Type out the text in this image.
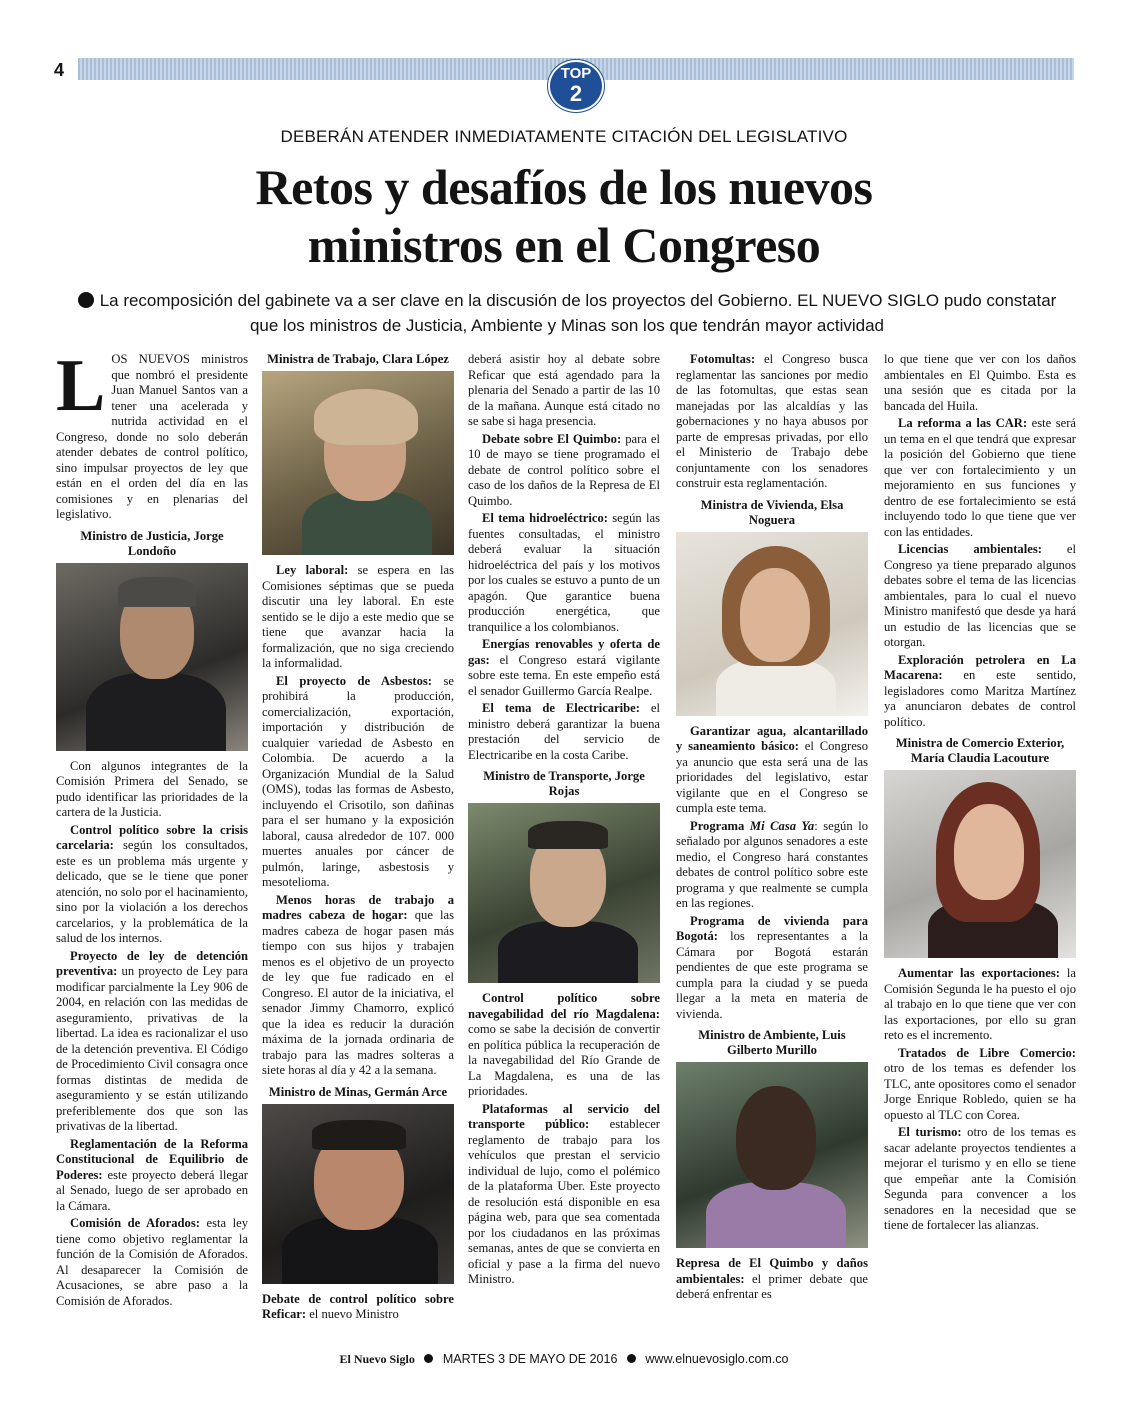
4	TOP
2
DEBERÁN ATENDER INMEDIATAMENTE CITACIÓN DEL LEGISLATIVO
Retos y desafíos de los nuevos
ministros en el Congreso
La recomposición del gabinete va a ser clave en la discusión de los proyectos del Gobierno. EL NUEVO SIGLO pudo constatar que los ministros de Justicia, Ambiente y Minas son los que tendrán mayor actividad

LOS NUEVOS ministros que nombró el presidente Juan Manuel Santos van a tener una acelerada y nutrida actividad en el Congreso, donde no solo deberán atender debates de control político, sino impulsar proyectos de ley que están en el orden del día en las comisiones y en plenarias del legislativo.

Ministro de Justicia, Jorge Londoño

Con algunos integrantes de la Comisión Primera del Senado, se pudo identificar las prioridades de la cartera de la Justicia.

Control político sobre la crisis carcelaria: según los consultados, este es un problema más urgente y delicado, que se le tiene que poner atención, no solo por el hacinamiento, sino por la violación a los derechos carcelarios, y la problemática de la salud de los internos.

Proyecto de ley de detención preventiva: un proyecto de Ley para modificar parcialmente la Ley 906 de 2004, en relación con las medidas de aseguramiento, privativas de la libertad. La idea es racionalizar el uso de la detención preventiva. El Código de Procedimiento Civil consagra once formas distintas de medida de aseguramiento y se están utilizando preferiblemente dos que son las privativas de la libertad.

Reglamentación de la Reforma Constitucional de Equilibrio de Poderes: este proyecto deberá llegar al Senado, luego de ser aprobado en la Cámara.

Comisión de Aforados: esta ley tiene como objetivo reglamentar la función de la Comisión de Aforados. Al desaparecer la Comisión de Acusaciones, se abre paso a la Comisión de Aforados.

Ministra de Trabajo, Clara López

Ley laboral: se espera en las Comisiones séptimas que se pueda discutir una ley laboral. En este sentido se le dijo a este medio que se tiene que avanzar hacia la formalización, que no siga creciendo la informalidad.

El proyecto de Asbestos: se prohibirá la producción, comercialización, exportación, importación y distribución de cualquier variedad de Asbesto en Colombia. De acuerdo a la Organización Mundial de la Salud (OMS), todas las formas de Asbesto, incluyendo el Crisotilo, son dañinas para el ser humano y la exposición laboral, causa alrededor de 107. 000 muertes anuales por cáncer de pulmón, laringe, asbestosis y mesotelioma.

Menos horas de trabajo a madres cabeza de hogar: que las madres cabeza de hogar pasen más tiempo con sus hijos y trabajen menos es el objetivo de un proyecto de ley que fue radicado en el Congreso. El autor de la iniciativa, el senador Jimmy Chamorro, explicó que la idea es reducir la duración máxima de la jornada ordinaria de trabajo para las madres solteras a siete horas al día y 42 a la semana.

Ministro de Minas, Germán Arce

Debate de control político sobre Reficar: el nuevo Ministro

deberá asistir hoy al debate sobre Reficar que está agendado para la plenaria del Senado a partir de las 10 de la mañana. Aunque está citado no se sabe si haga presencia.

Debate sobre El Quimbo: para el 10 de mayo se tiene programado el debate de control político sobre el caso de los daños de la Represa de El Quimbo.

El tema hidroeléctrico: según las fuentes consultadas, el ministro deberá evaluar la situación hidroeléctrica del país y los motivos por los cuales se estuvo a punto de un apagón. Que garantice buena producción energética, que tranquilice a los colombianos.

Energías renovables y oferta de gas: el Congreso estará vigilante sobre este tema. En este empeño está el senador Guillermo García Realpe.

El tema de Electricaribe: el ministro deberá garantizar la buena prestación del servicio de Electricaribe en la costa Caribe.

Ministro de Transporte, Jorge Rojas

Control político sobre navegabilidad del río Magdalena: como se sabe la decisión de convertir en política pública la recuperación de la navegabilidad del Río Grande de La Magdalena, es una de las prioridades.

Plataformas al servicio del transporte público: establecer reglamento de trabajo para los vehículos que prestan el servicio individual de lujo, como el polémico de la plataforma Uber. Este proyecto de resolución está disponible en esa página web, para que sea comentada por los ciudadanos en las próximas semanas, antes de que se convierta en oficial y pase a la firma del nuevo Ministro.

Fotomultas: el Congreso busca reglamentar las sanciones por medio de las fotomultas, que estas sean manejadas por las alcaldías y las gobernaciones y no haya abusos por parte de empresas privadas, por ello el Ministerio de Trabajo debe conjuntamente con los senadores construir esta reglamentación.

Ministra de Vivienda, Elsa Noguera

Garantizar agua, alcantarillado y saneamiento básico: el Congreso ya anuncio que esta será una de las prioridades del legislativo, estar vigilante que en el Congreso se cumpla este tema.

Programa Mi Casa Ya: según lo señalado por algunos senadores a este medio, el Congreso hará constantes debates de control político sobre este programa y que realmente se cumpla en las regiones.

Programa de vivienda para Bogotá: los representantes a la Cámara por Bogotá estarán pendientes de que este programa se cumpla para la ciudad y se pueda llegar a la meta en materia de vivienda.

Ministro de Ambiente, Luis Gilberto Murillo

Represa de El Quimbo y daños ambientales: el primer debate que deberá enfrentar es

lo que tiene que ver con los daños ambientales en El Quimbo. Esta es una sesión que es citada por la bancada del Huila.

La reforma a las CAR: este será un tema en el que tendrá que expresar la posición del Gobierno que tiene que ver con fortalecimiento y un mejoramiento en sus funciones y dentro de ese fortalecimiento se está incluyendo todo lo que tiene que ver con las entidades.

Licencias ambientales: el Congreso ya tiene preparado algunos debates sobre el tema de las licencias ambientales, para lo cual el nuevo Ministro manifestó que desde ya hará un estudio de las licencias que se otorgan.

Exploración petrolera en La Macarena: en este sentido, legisladores como Maritza Martínez ya anunciaron debates de control político.

Ministra de Comercio Exterior, María Claudia Lacouture

Aumentar las exportaciones: la Comisión Segunda le ha puesto el ojo al trabajo en lo que tiene que ver con las exportaciones, por ello su gran reto es el incremento.

Tratados de Libre Comercio: otro de los temas es defender los TLC, ante opositores como el senador Jorge Enrique Robledo, quien se ha opuesto al TLC con Corea.

El turismo: otro de los temas es sacar adelante proyectos tendientes a mejorar el turismo y en ello se tiene que empeñar ante la Comisión Segunda para convencer a los senadores en la necesidad que se tiene de fortalecer las alianzas.

El Nuevo Siglo MARTES 3 DE MAYO DE 2016 www.elnuevosiglo.com.co
